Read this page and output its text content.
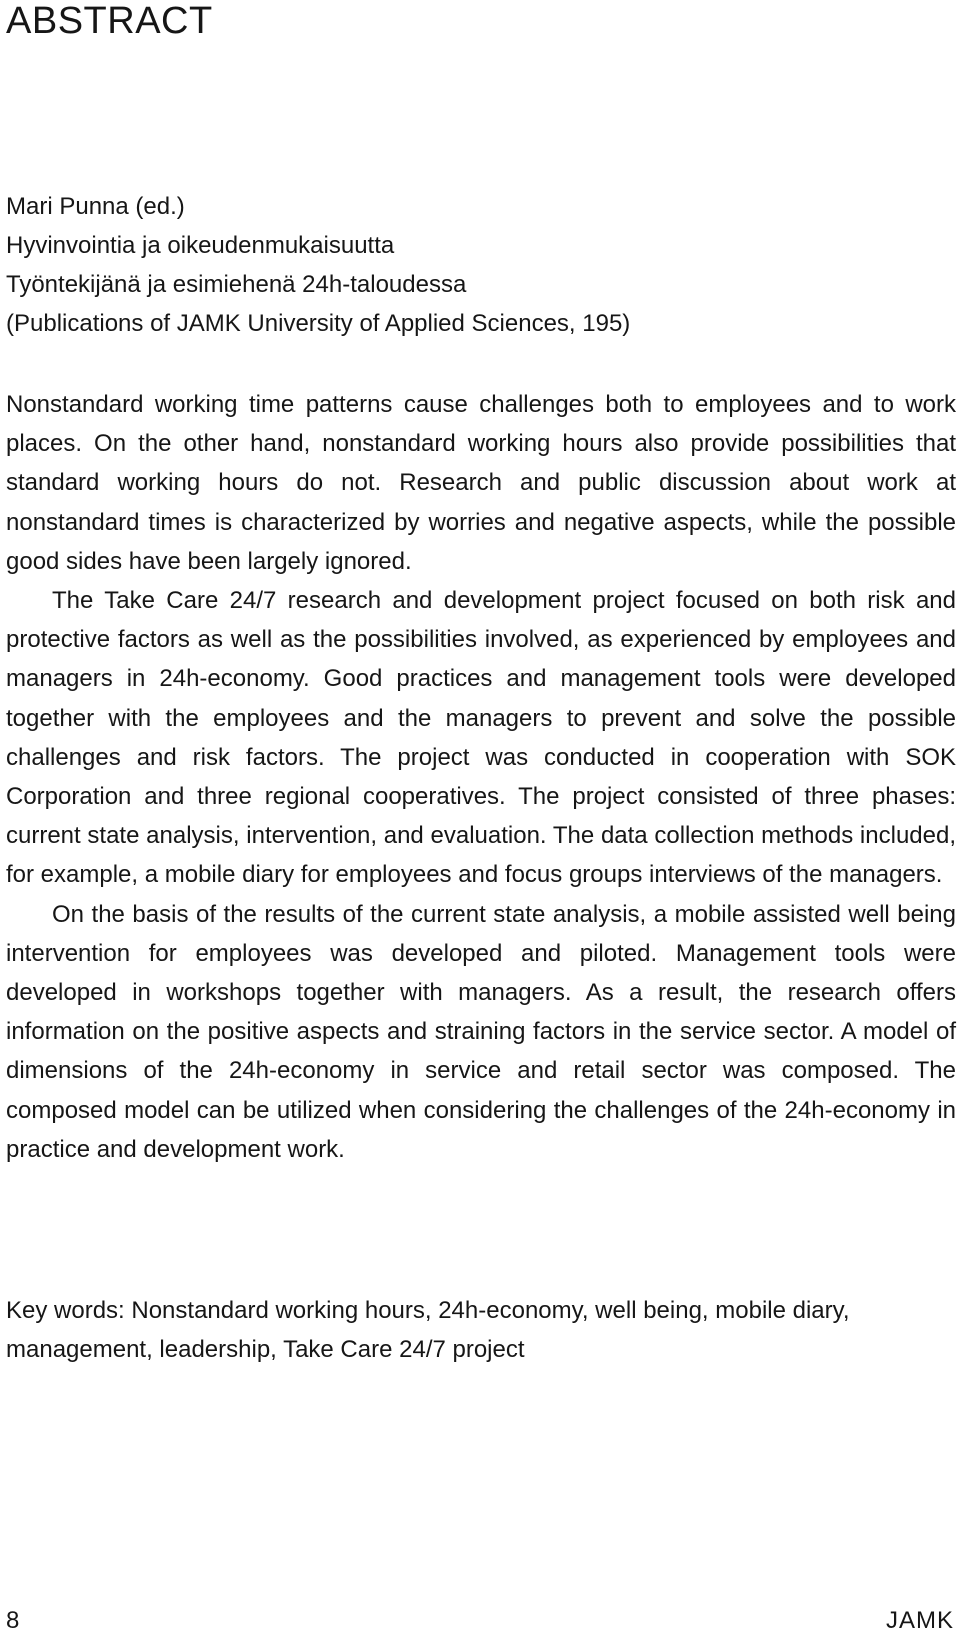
ABSTRACT
Mari Punna (ed.)
Hyvinvointia ja oikeudenmukaisuutta
Työntekijänä ja esimiehenä 24h-taloudessa
(Publications of JAMK University of Applied Sciences, 195)

Nonstandard working time patterns cause challenges both to employees and to work places. On the other hand, nonstandard working hours also provide possibilities that standard working hours do not. Research and public discussion about work at nonstandard times is characterized by worries and negative aspects, while the possible good sides have been largely ignored.

The Take Care 24/7 research and development project focused on both risk and protective factors as well as the possibilities involved, as experienced by employees and managers in 24h-economy. Good practices and management tools were developed together with the employees and the managers to prevent and solve the possible challenges and risk factors. The project was conducted in cooperation with SOK Corporation and three regional cooperatives. The project consisted of three phases: current state analysis, intervention, and evaluation. The data collection methods included, for example, a mobile diary for employees and focus groups interviews of the managers.

On the basis of the results of the current state analysis, a mobile assisted well being intervention for employees was developed and piloted. Management tools were developed in workshops together with managers. As a result, the research offers information on the positive aspects and straining factors in the service sector. A model of dimensions of the 24h-economy in service and retail sector was composed. The composed model can be utilized when considering the challenges of the 24h-economy in practice and development work.

Key words: Nonstandard working hours, 24h-economy, well being, mobile diary, management, leadership, Take Care 24/7 project

8	JAMK
